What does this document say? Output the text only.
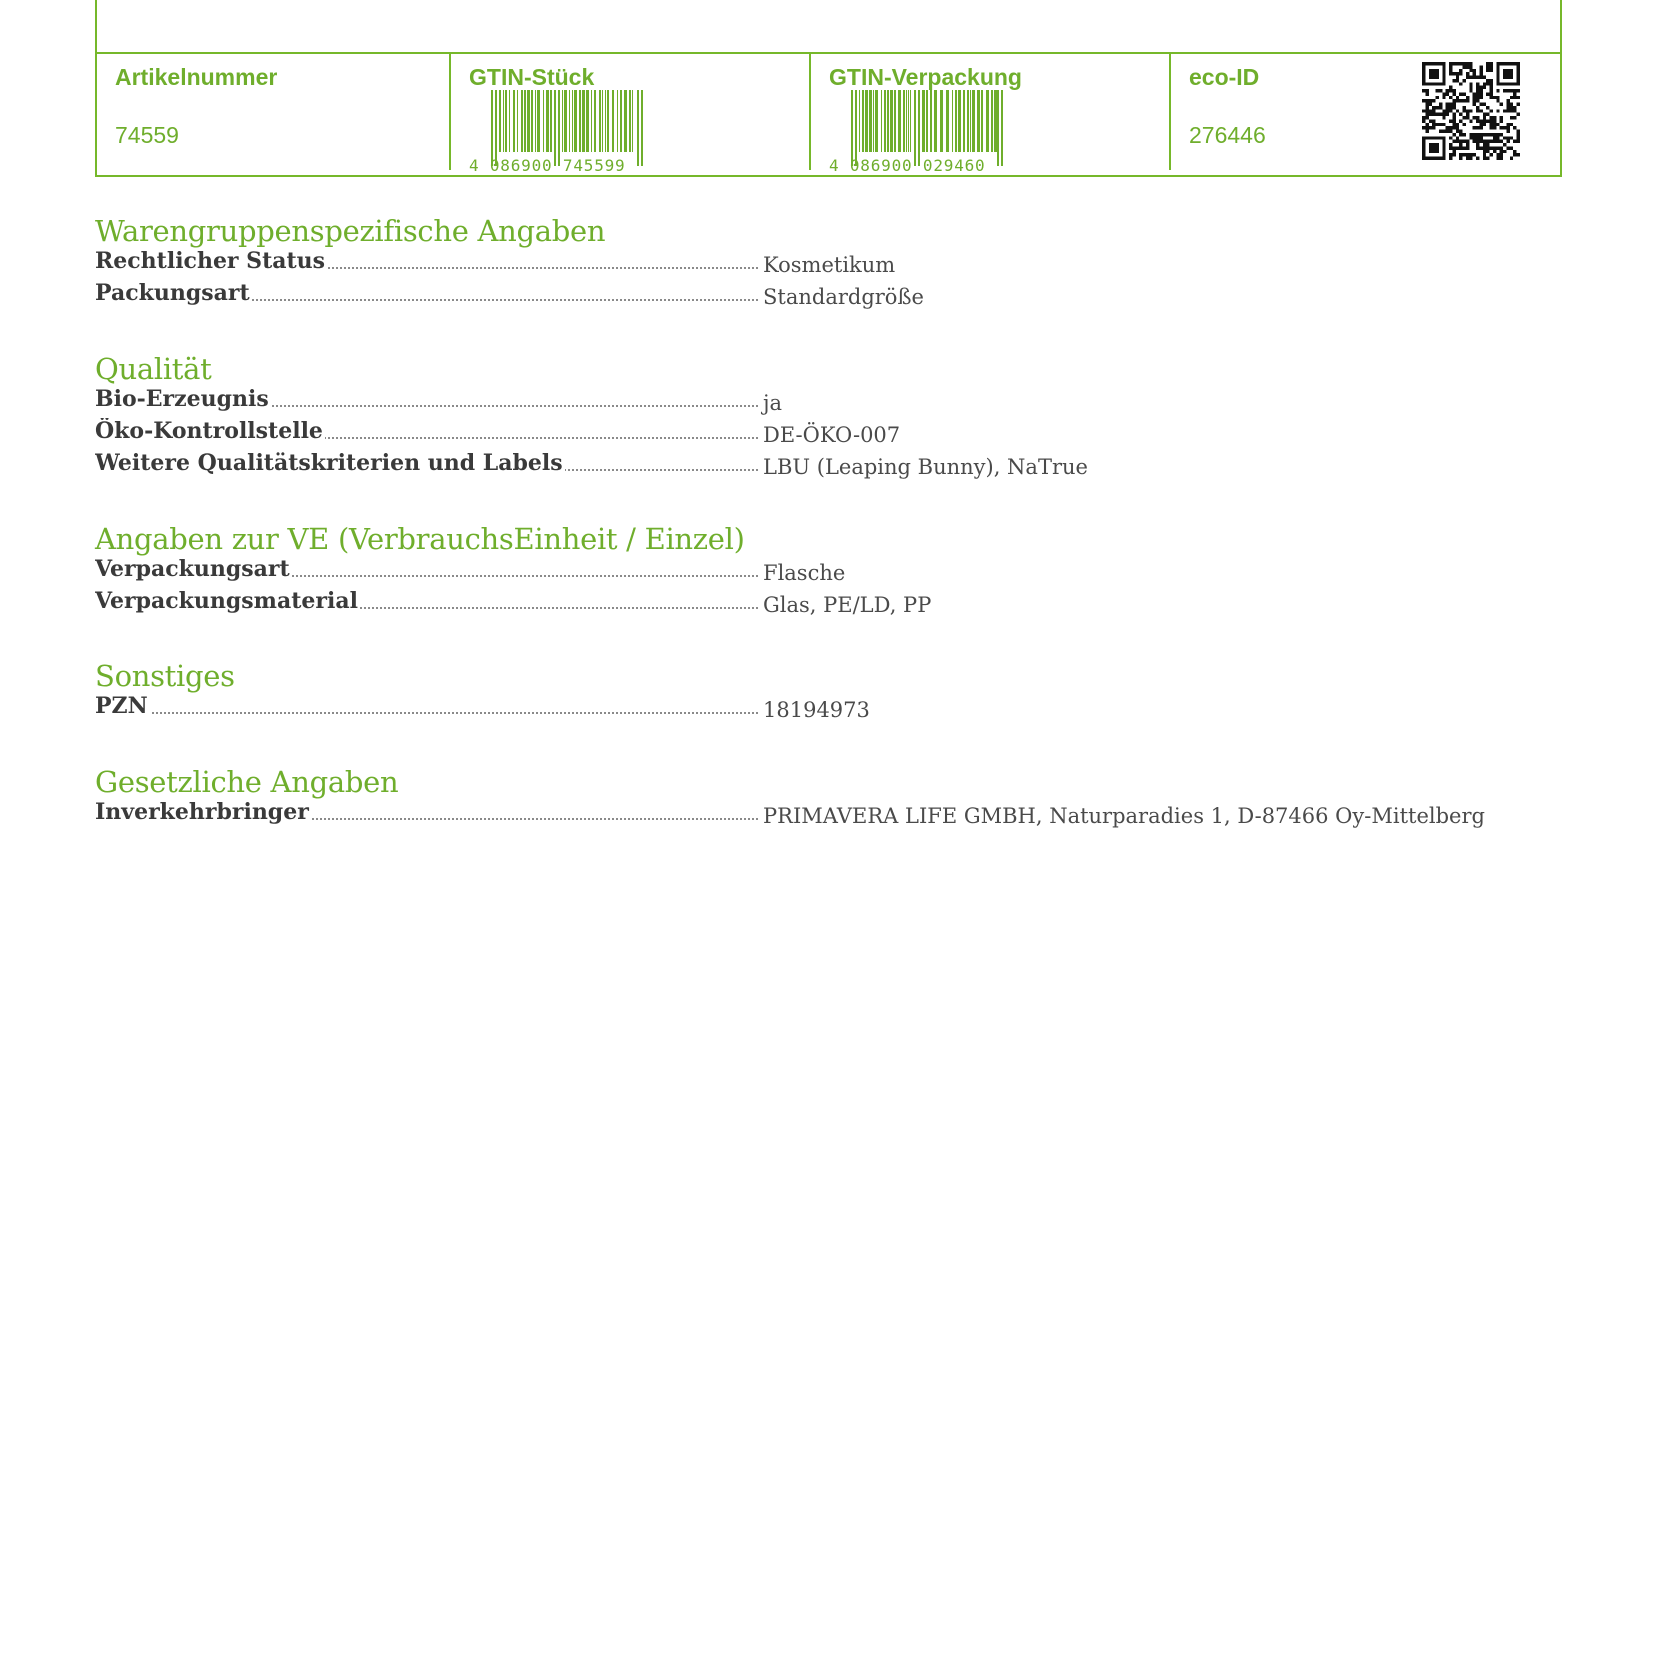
Artikelnummer
74559
GTIN-Stück
4 086900 745599
GTIN-Verpackung
4 086900 029460
eco-ID
276446
Warengruppenspezifische Angaben
Rechtlicher Status	Kosmetikum
Packungsart	Standardgröße
Qualität
Bio-Erzeugnis	ja
Öko-Kontrollstelle	DE-ÖKO-007
Weitere Qualitätskriterien und Labels	LBU (Leaping Bunny), NaTrue
Angaben zur VE (VerbrauchsEinheit / Einzel)
Verpackungsart	Flasche
Verpackungsmaterial	Glas, PE/LD, PP
Sonstiges
PZN	18194973
Gesetzliche Angaben
Inverkehrbringer	PRIMAVERA LIFE GMBH, Naturparadies 1, D-87466 Oy-Mittelberg
